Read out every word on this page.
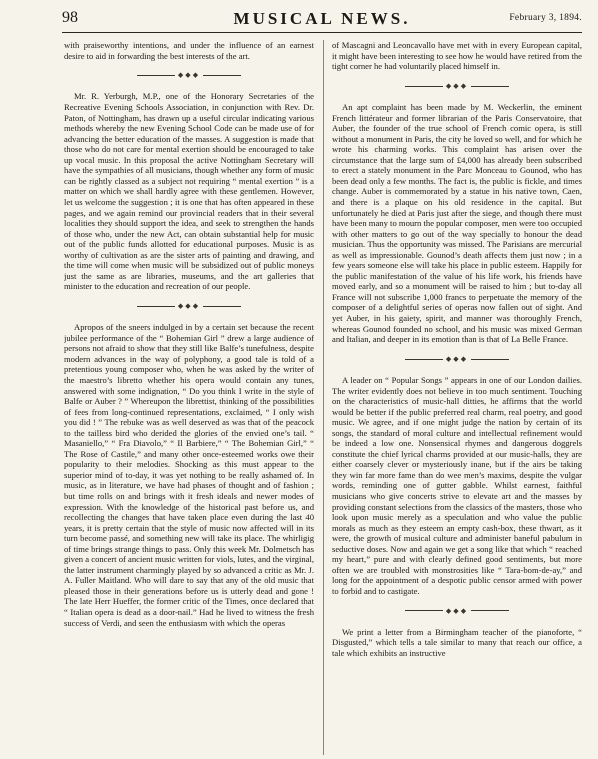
98	MUSICAL NEWS.	February 3, 1894.

with praiseworthy intentions, and under the influence of an earnest desire to aid in forwarding the best interests of the art.

◆◆◆

Mr. R. Yerburgh, M.P., one of the Honorary Secretaries of the Recreative Evening Schools Association, in conjunction with Rev. Dr. Paton, of Nottingham, has drawn up a useful circular indicating various methods whereby the new Evening School Code can be made use of for advancing the better education of the masses. A suggestion is made that those who do not care for mental exertion should be encouraged to take up vocal music. In this proposal the active Nottingham Secretary will have the sympathies of all musicians, though whether any form of music can be rightly classed as a subject not requiring “ mental exertion ” is a matter on which we shall hardly agree with these gentlemen. However, let us welcome the suggestion ; it is one that has often appeared in these pages, and we again remind our provincial readers that in their several localities they should support the idea, and seek to strengthen the hands of those who, under the new Act, can obtain substantial help for music out of the public funds allotted for educational purposes. Music is as worthy of cultivation as are the sister arts of painting and drawing, and the time will come when music will be subsidized out of public moneys just the same as are libraries, museums, and the art galleries that minister to the education and recreation of our people.

◆◆◆

Apropos of the sneers indulged in by a certain set because the recent jubilee performance of the “ Bohemian Girl ” drew a large audience of persons not afraid to show that they still like Balfe’s tunefulness, despite modern advances in the way of polyphony, a good tale is told of a pretentious young composer who, when he was asked by the writer of the maestro’s libretto whether his opera would contain any tunes, answered with some indignation, “ Do you think I write in the style of Balfe or Auber ? ” Whereupon the librettist, thinking of the possibilities of fees from long-continued representations, exclaimed, “ I only wish you did ! ” The rebuke was as well deserved as was that of the peacock to the tailless bird who derided the glories of the envied one’s tail. “ Masaniello,” “ Fra Diavolo,” “ Il Barbiere,” “ The Bohemian Girl,” “ The Rose of Castile,” and many other once-esteemed works owe their popularity to their melodies. Shocking as this must appear to the superior mind of to-day, it was yet nothing to be really ashamed of. In music, as in literature, we have had phases of thought and of fashion ; but time rolls on and brings with it fresh ideals and newer modes of expression. With the knowledge of the historical past before us, and recollecting the changes that have taken place even during the last 40 years, it is pretty certain that the style of music now affected will in its turn become passé, and something new will take its place. The whirligig of time brings strange things to pass. Only this week Mr. Dolmetsch has given a concert of ancient music written for viols, lutes, and the virginal, the latter instrument charmingly played by so advanced a critic as Mr. J. A. Fuller Maitland. Who will dare to say that any of the old music that pleased those in their generations before us is utterly dead and gone ! The late Herr Hueffer, the former critic of the Times, once declared that “ Italian opera is dead as a door-nail.” Had he lived to witness the fresh success of Verdi, and seen the enthusiasm with which the operas

of Mascagni and Leoncavallo have met with in every European capital, it might have been interesting to see how he would have retired from the tight corner he had voluntarily placed himself in.

◆◆◆

An apt complaint has been made by M. Weckerlin, the eminent French littérateur and former librarian of the Paris Conservatoire, that Auber, the founder of the true school of French comic opera, is still without a monument in Paris, the city he loved so well, and for which he wrote his charming works. This complaint has arisen over the circumstance that the large sum of £4,000 has already been subscribed to erect a stately monument in the Parc Monceau to Gounod, who has been dead only a few months. The fact is, the public is fickle, and times change. Auber is commemorated by a statue in his native town, Caen, and there is a plaque on his old residence in the capital. But unfortunately he died at Paris just after the siege, and though there must have been many to mourn the popular composer, men were too occupied with other matters to go out of the way specially to honour the dead musician. Thus the opportunity was missed. The Parisians are mercurial as well as impressionable. Gounod’s death affects them just now ; in a few years someone else will take his place in public esteem. Happily for the public manifestation of the value of his life work, his friends have moved early, and so a monument will be raised to him ; but to-day all France will not subscribe 1,000 francs to perpetuate the memory of the composer of a delightful series of operas now fallen out of sight. And yet Auber, in his gaiety, spirit, and manner was thoroughly French, whereas Gounod founded no school, and his music was mixed German and Italian, and deeper in its emotion than is that of La Belle France.

◆◆◆

A leader on “ Popular Songs ” appears in one of our London dailies. The writer evidently does not believe in too much sentiment. Touching on the characteristics of music-hall ditties, he affirms that the world would be better if the public preferred real charm, real poetry, and good music. We agree, and if one might judge the nation by certain of its songs, the standard of moral culture and intellectual refinement would be indeed a low one. Nonsensical rhymes and dangerous doggrels constitute the chief lyrical charms provided at our music-halls, they are either coarsely clever or mysteriously inane, but if the airs be taking they win far more fame than do wee men’s maxims, despite the vulgar words, reminding one of gutter gabble. Whilst earnest, faithful musicians who give concerts strive to elevate art and the masses by providing constant selections from the classics of the masters, those who look upon music merely as a speculation and who value the public morals as much as they esteem an empty cash-box, these thwart, as it were, the growth of musical culture and administer baneful pabulum in seductive doses. Now and again we get a song like that which “ reached my heart,” pure and with clearly defined good sentiments, but more often we are troubled with monstrosities like “ Tara-bom-de-ay,” and long for the appointment of a despotic public censor armed with power to forbid and to castigate.

◆◆◆

We print a letter from a Birmingham teacher of the pianoforte, “ Disgusted,” which tells a tale similar to many that reach our office, a tale which exhibits an instructive
